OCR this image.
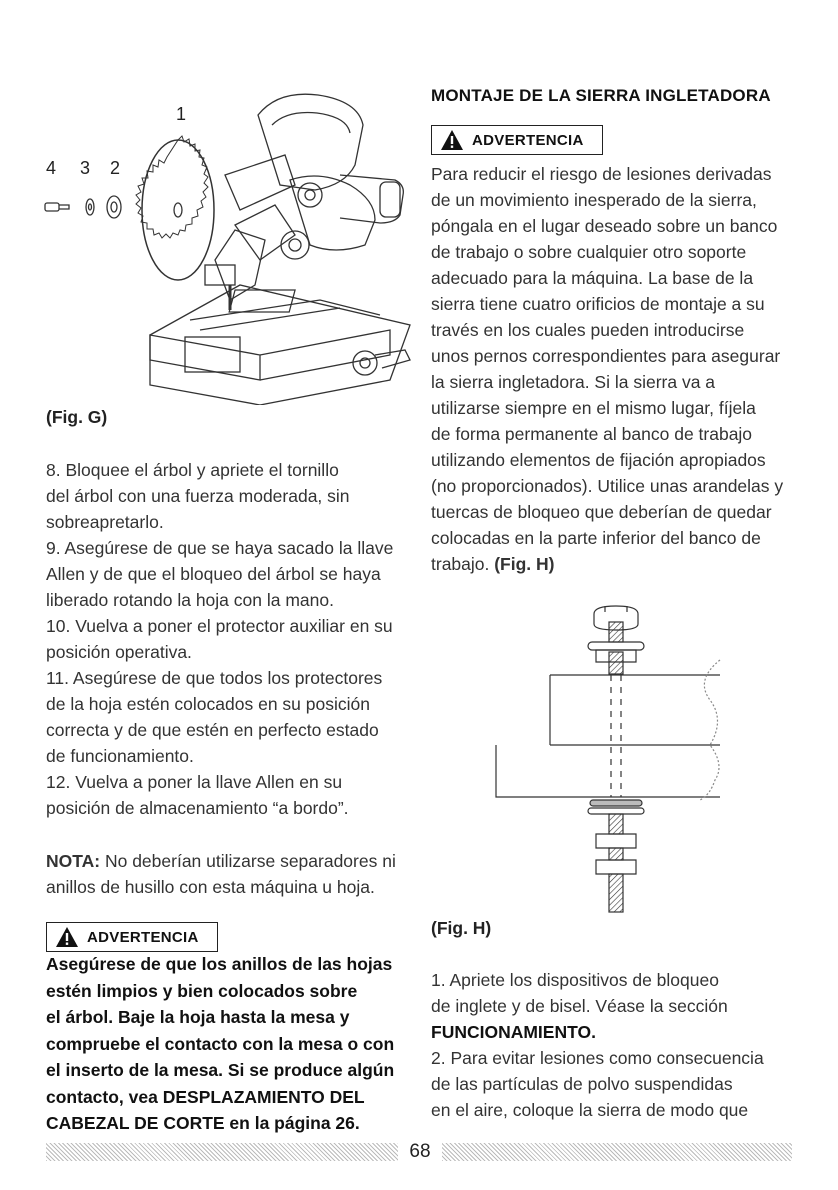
1
4 3 2
(Fig. G)

8. Bloquee el árbol y apriete el tornillo

del árbol con una fuerza moderada, sin

sobreapretarlo.

9. Asegúrese de que se haya sacado la llave

Allen y de que el bloqueo del árbol se haya

liberado rotando la hoja con la mano.

10. Vuelva a poner el protector auxiliar en su

posición operativa.

11. Asegúrese de que todos los protectores

de la hoja estén colocados en su posición

correcta y de que estén en perfecto estado

de funcionamiento.

12. Vuelva a poner la llave Allen en su

posición de almacenamiento “a bordo”.

NOTA: No deberían utilizarse separadores ni

anillos de husillo con esta máquina u hoja.

ADVERTENCIA
Asegúrese de que los anillos de las hojas
estén limpios y bien colocados sobre
el árbol. Baje la hoja hasta la mesa y
compruebe el contacto con la mesa o con
el inserto de la mesa. Si se produce algún
contacto, vea DESPLAZAMIENTO DEL
CABEZAL DE CORTE en la página 26.
MONTAJE DE LA SIERRA INGLETADORA
ADVERTENCIA

Para reducir el riesgo de lesiones derivadas

de un movimiento inesperado de la sierra,

póngala en el lugar deseado sobre un banco

de trabajo o sobre cualquier otro soporte

adecuado para la máquina. La base de la

sierra tiene cuatro orificios de montaje a su

través en los cuales pueden introducirse

unos pernos correspondientes para asegurar

la sierra ingletadora. Si la sierra va a

utilizarse siempre en el mismo lugar, fíjela

de forma permanente al banco de trabajo

utilizando elementos de fijación apropiados

(no proporcionados). Utilice unas arandelas y

tuercas de bloqueo que deberían de quedar

colocadas en la parte inferior del banco de

trabajo. (Fig. H)

(Fig. H)

1. Apriete los dispositivos de bloqueo

de inglete y de bisel. Véase la sección

FUNCIONAMIENTO.

2. Para evitar lesiones como consecuencia

de las partículas de polvo suspendidas

en el aire, coloque la sierra de modo que

68
